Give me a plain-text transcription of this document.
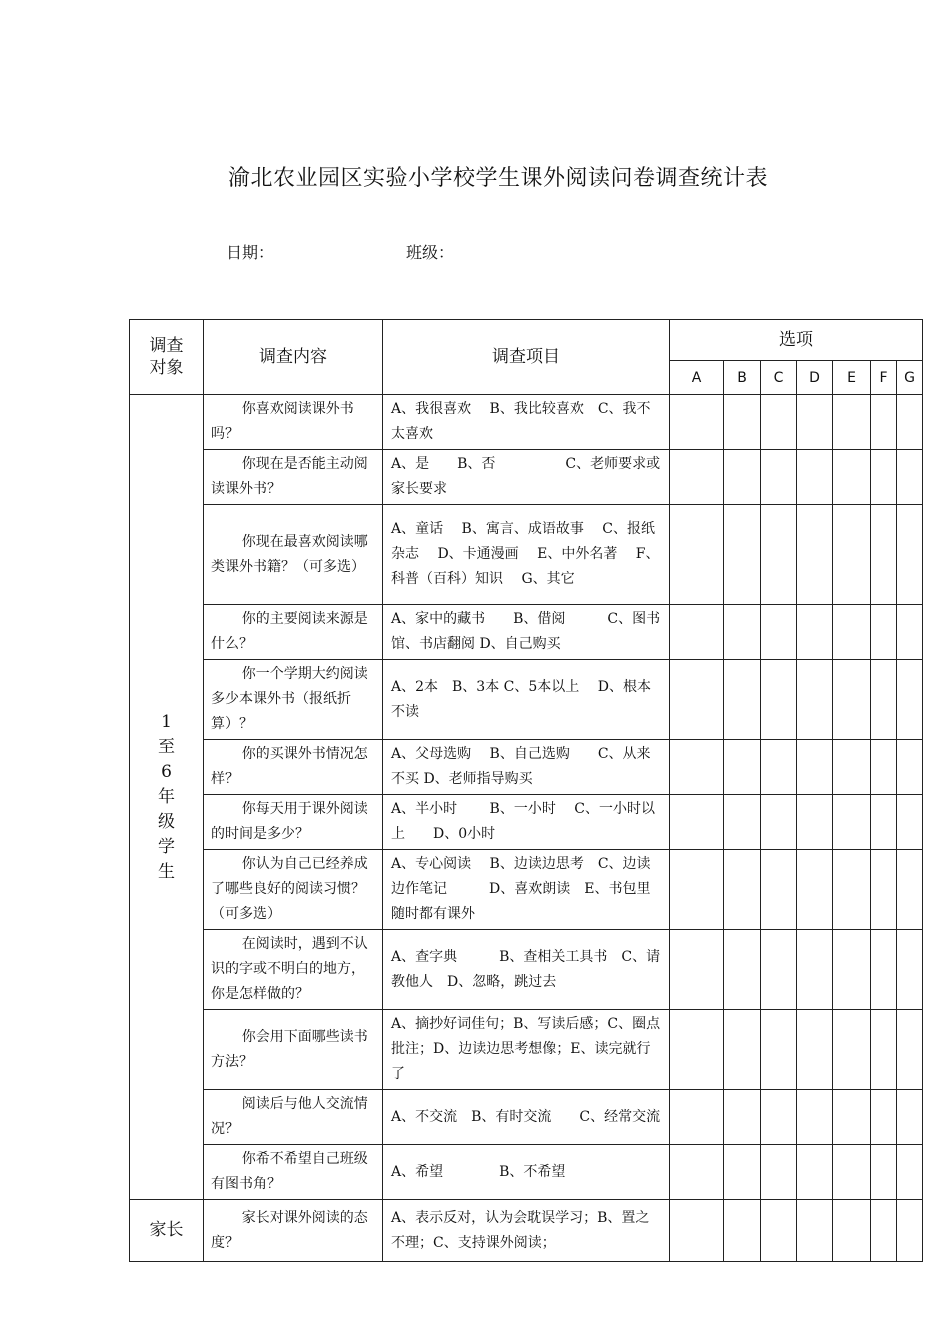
渝北农业园区实验小学校学生课外阅读问卷调查统计表
日期：	班级：
调查对象	调查内容	调查项目	选项						
			A	B	C	D	E	F	G
1至6年级学生	你喜欢阅读课外书吗？	A、我很喜欢　 B、我比较喜欢　C、我不太喜欢							
	你现在是否能主动阅读课外书？	A、是　　B、否　　　　　C、老师要求或家长要求							
	你现在最喜欢阅读哪类课外书籍？（可多选）	A、童话　 B、寓言、成语故事　 C、报纸杂志　 D、卡通漫画　 E、中外名著　 F、科普（百科）知识　 G、其它							
	你的主要阅读来源是什么？	A、家中的藏书　　B、借阅　　　C、图书馆、书店翻阅 D、自己购买							
	你一个学期大约阅读多少本课外书（报纸折算）？	A、2本　B、3本 C、5本以上　 D、根本不读							
	你的买课外书情况怎样？	A、父母选购　 B、自己选购　　C、从来不买 D、老师指导购买							
	你每天用于课外阅读的时间是多少？	A、半小时　　 B、一小时　 C、一小时以上　　D、0小时							
	你认为自己已经养成了哪些良好的阅读习惯？（可多选）	A、专心阅读　 B、边读边思考　C、边读边作笔记　　　D、喜欢朗读　E、书包里随时都有课外							
	在阅读时，遇到不认识的字或不明白的地方，你是怎样做的？	A、查字典　　　B、查相关工具书　C、请教他人　D、忽略，跳过去							
	你会用下面哪些读书方法？	A、摘抄好词佳句；B、写读后感；C、圈点批注；D、边读边思考想像；E、读完就行了							
	阅读后与他人交流情况？	A、不交流　B、有时交流　　C、经常交流							
	你希不希望自己班级有图书角？	A、希望　　　　B、不希望							
家长	家长对课外阅读的态度？	A、表示反对，认为会耽误学习；B、置之不理；C、支持课外阅读；							
